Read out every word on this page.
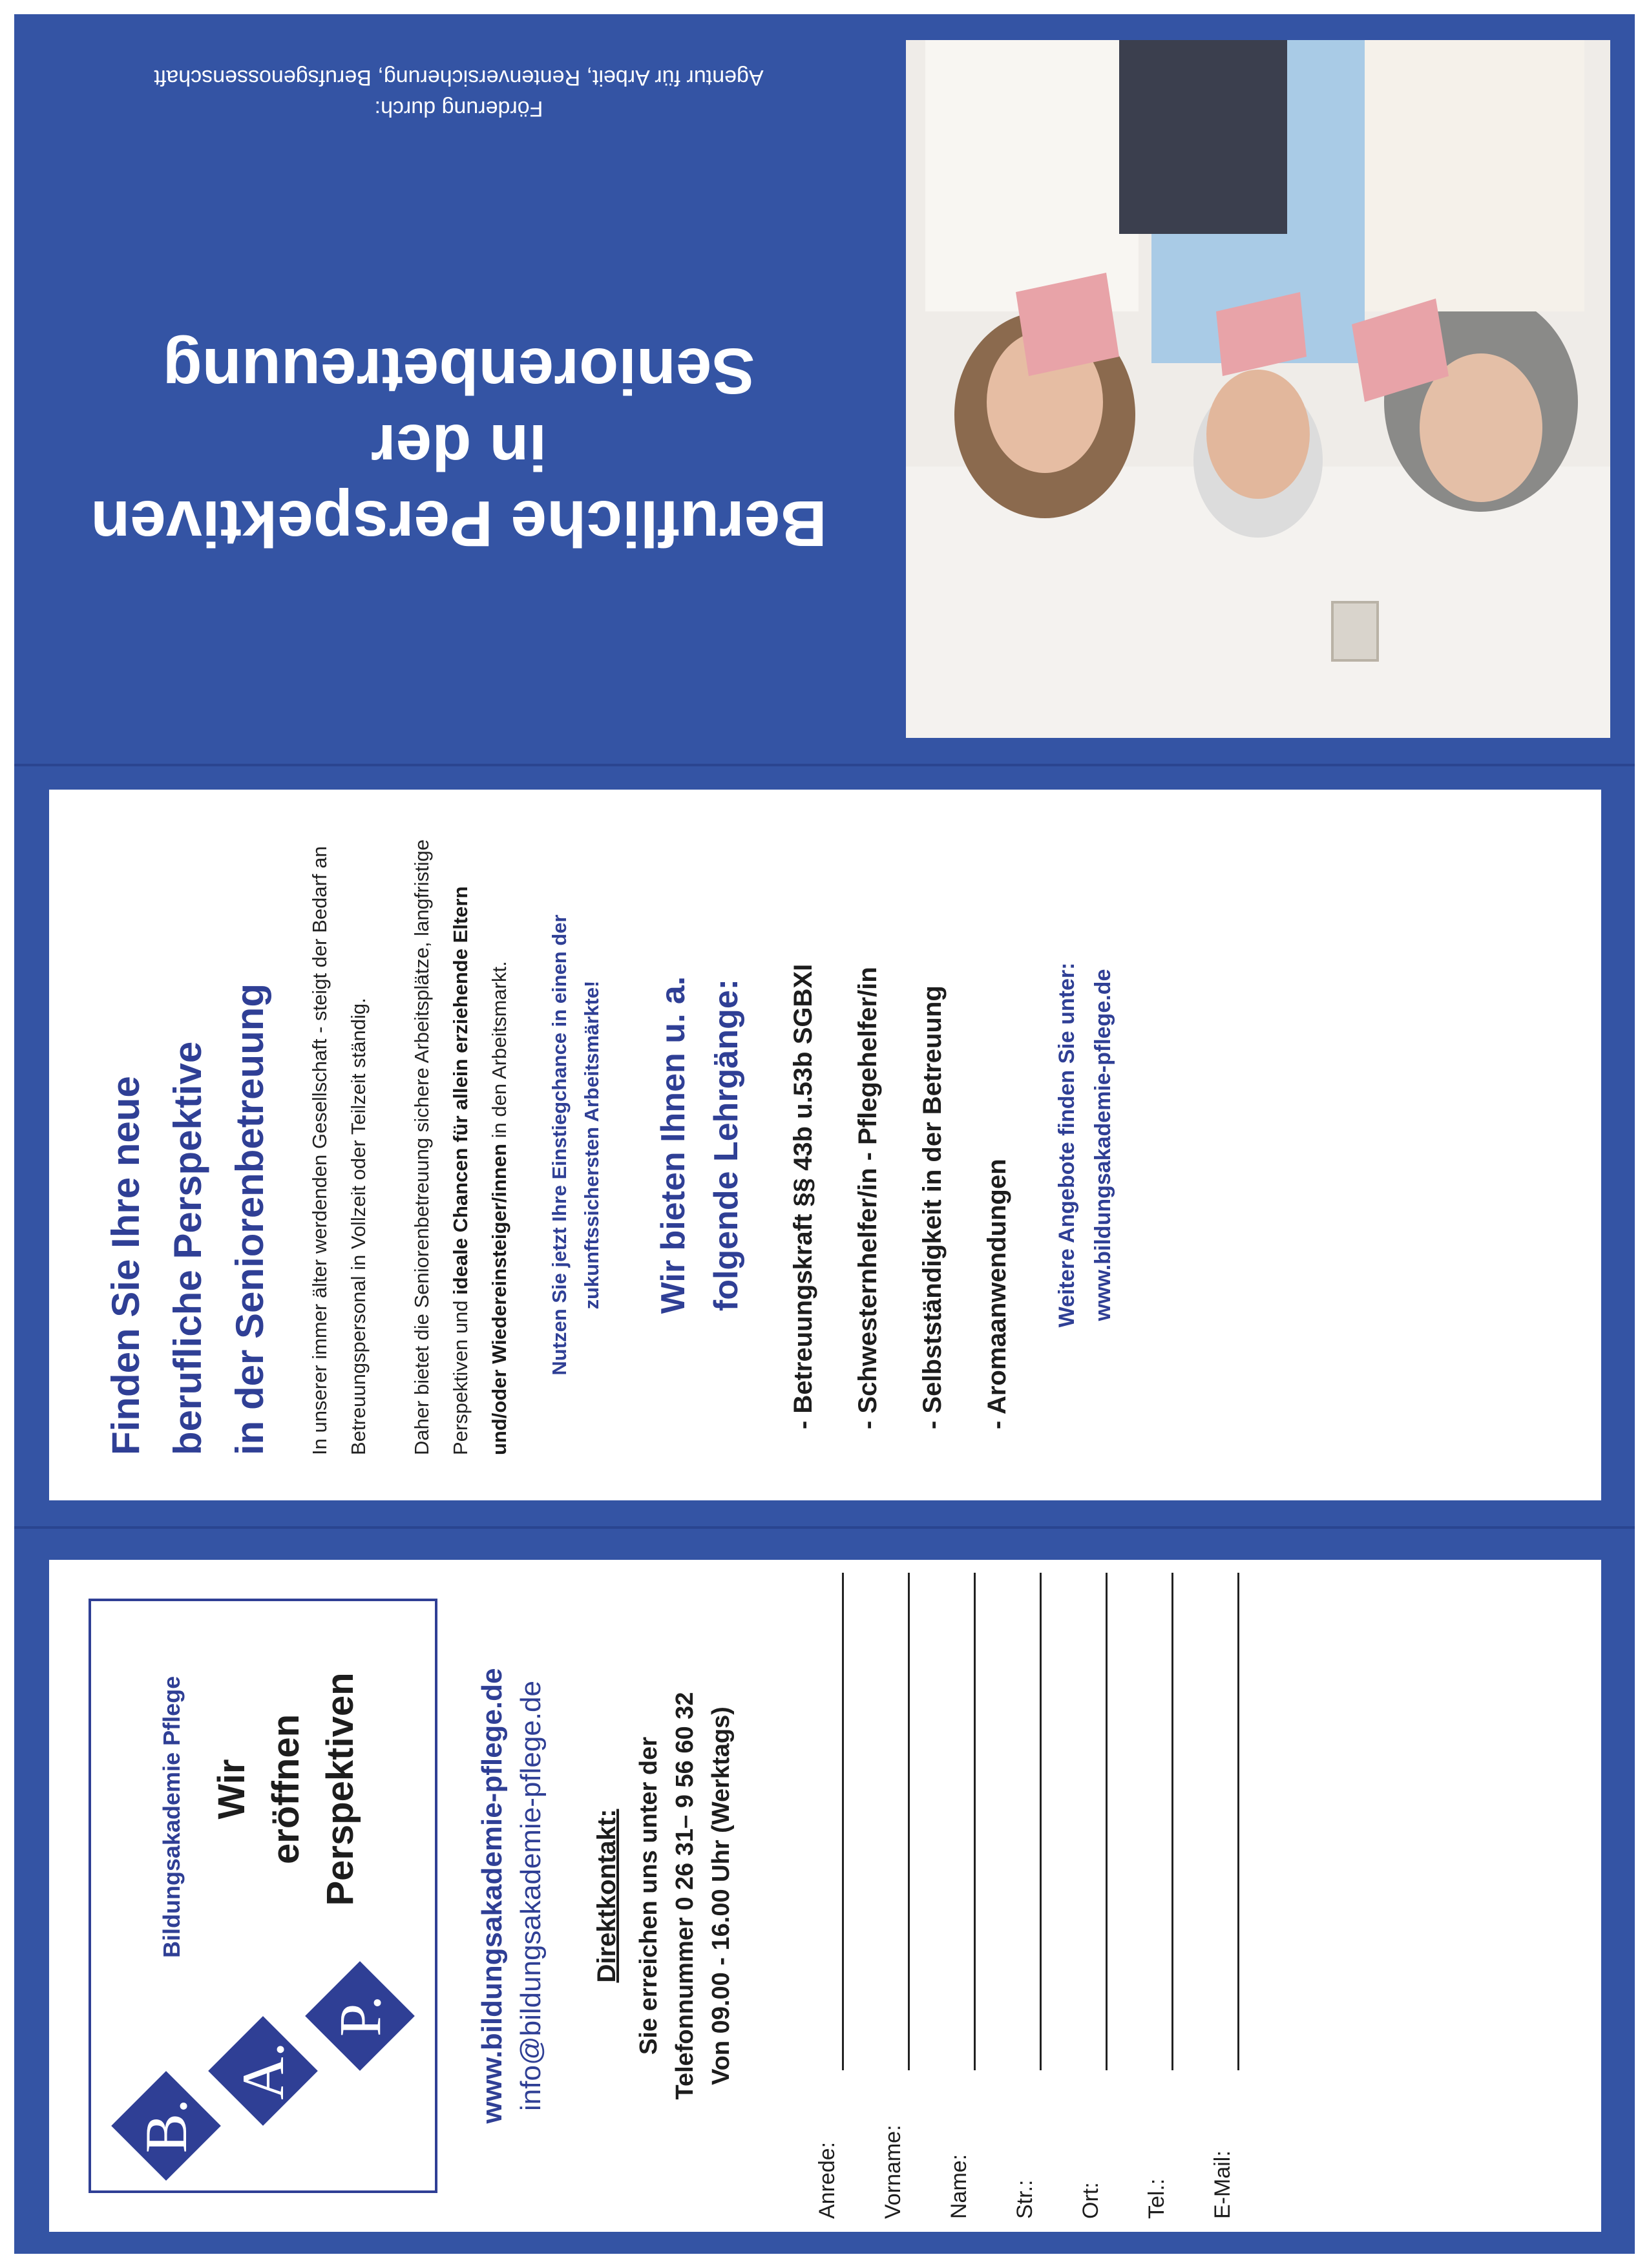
Berufliche Perspektiven
in der
Seniorenbetreuung
Förderung durch:
Agentur für Arbeit, Rentenversicherung, Berufsgenossenschaft
Finden Sie Ihre neue berufliche Perspektive in der Seniorenbetreuung	In unserer immer älter werdenden Gesellschaft - steigt der Bedarf an Betreuungspersonal in Vollzeit oder Teilzeit ständig.	Daher bietet die Seniorenbetreuung sichere Arbeitsplätze, langfristige Perspektiven und ideale Chancen für allein erziehende Eltern und/oder Wiedereinsteiger/innen in den Arbeitsmarkt.	Nutzen Sie jetzt Ihre Einstiegchance in einen der zukunftssichersten Arbeitsmärkte! Wir bieten Ihnen u. a. folgende Lehrgänge:	- Betreuungskraft §§ 43b u.53b SGBXI	- Schwesternhelfer/in - Pflegehelfer/in	- Selbstständigkeit in der Betreuung	- Aromaanwendungen	Weitere Angebote finden Sie unter: www.bildungsakademie-pflege.de
B.
A.
P.
Bildungsakademie Pflege Wir eröffnen Perspektiven	www.bildungsakademie-pflege.de info@bildungsakademie-pflege.de Direktkontakt: Sie erreichen uns unter der Telefonnummer 0 26 31– 9 56 60 32 Von 09.00 - 16.00 Uhr (Werktags)
Anrede: Vorname: Name: Str.: Ort: Tel.: E-Mail:
